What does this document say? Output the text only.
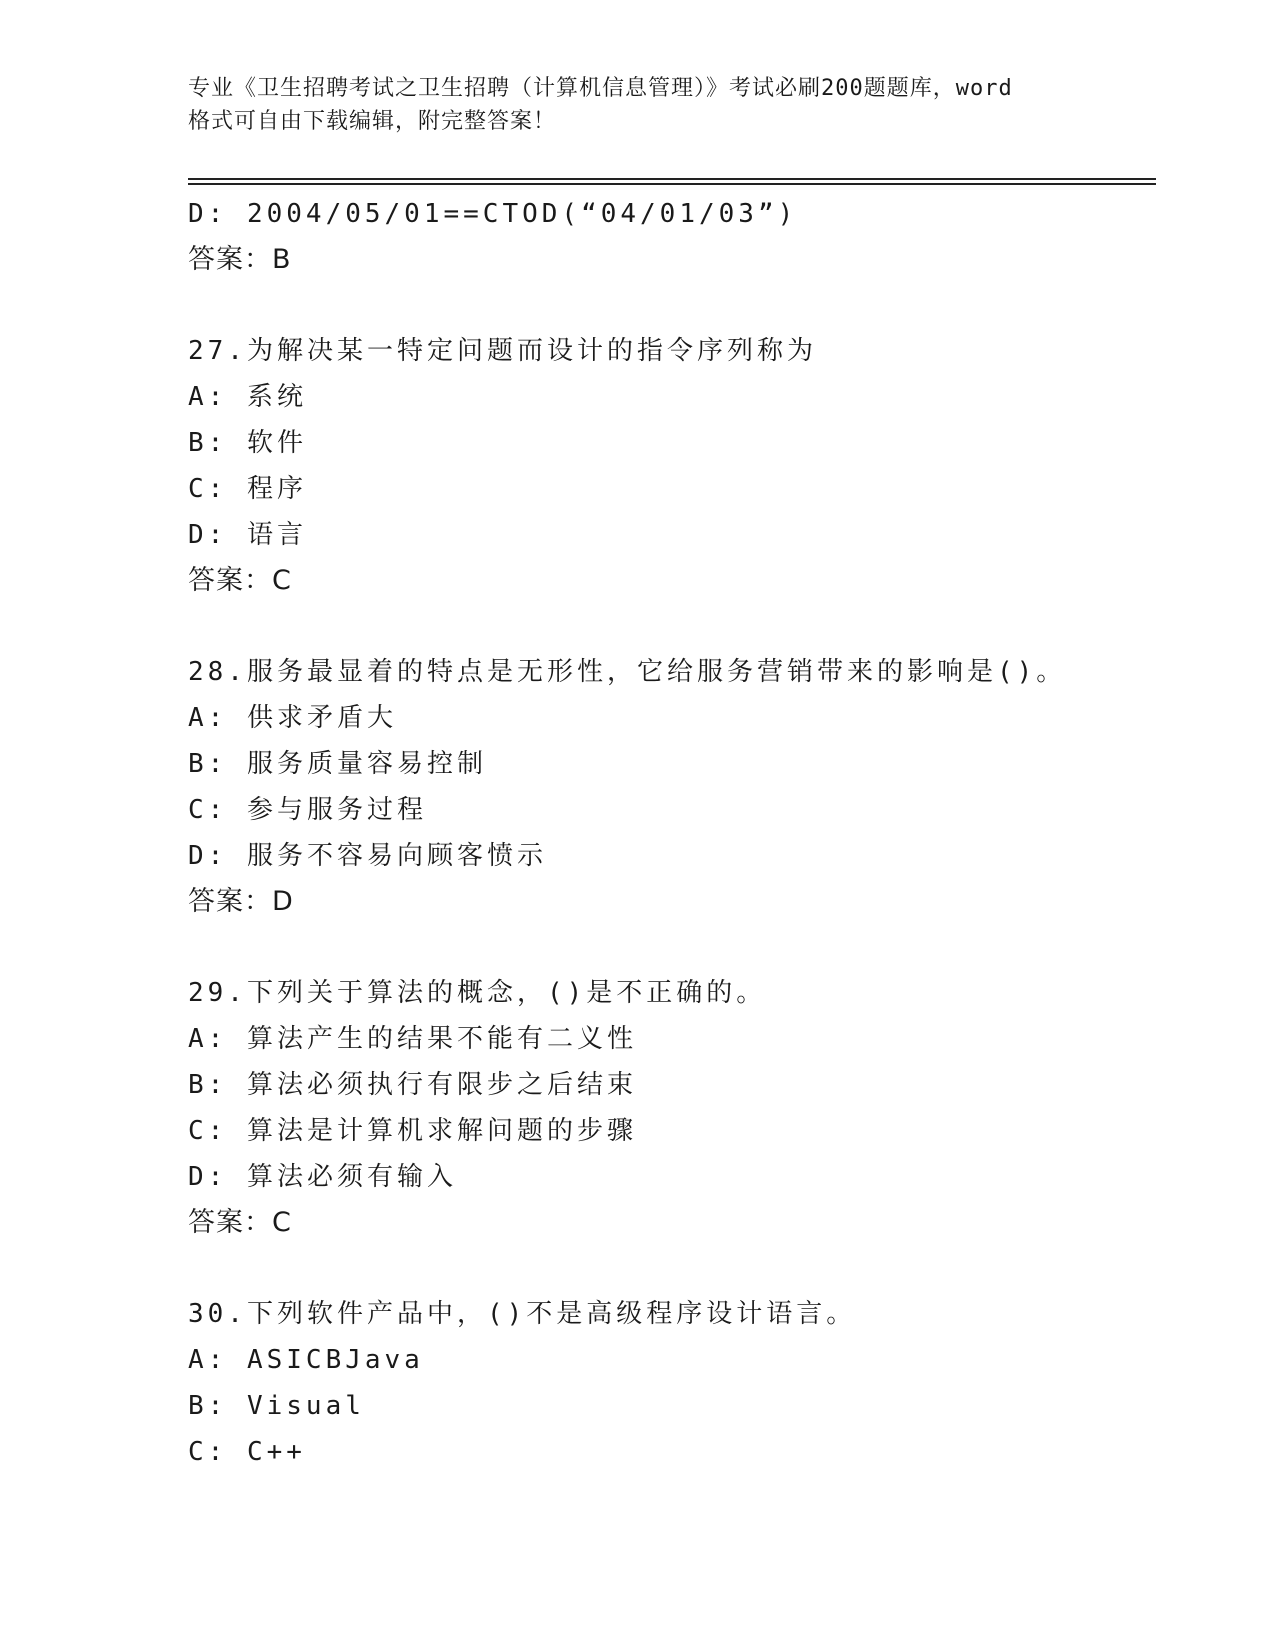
专业《卫生招聘考试之卫生招聘（计算机信息管理）》考试必刷200题题库，word
格式可自由下载编辑，附完整答案！
D: 2004/05/01==CTOD(“04/01/03”)
答案：B
27.为解决某一特定问题而设计的指令序列称为
A: 系统
B: 软件
C: 程序
D: 语言
答案：C
28.服务最显着的特点是无形性，它给服务营销带来的影响是()。
A: 供求矛盾大
B: 服务质量容易控制
C: 参与服务过程
D: 服务不容易向顾客愤示
答案：D
29.下列关于算法的概念，()是不正确的。
A: 算法产生的结果不能有二义性
B: 算法必须执行有限步之后结束
C: 算法是计算机求解问题的步骤
D: 算法必须有输入
答案：C
30.下列软件产品中，()不是高级程序设计语言。
A: ASICBJava
B: Visual
C: C++
